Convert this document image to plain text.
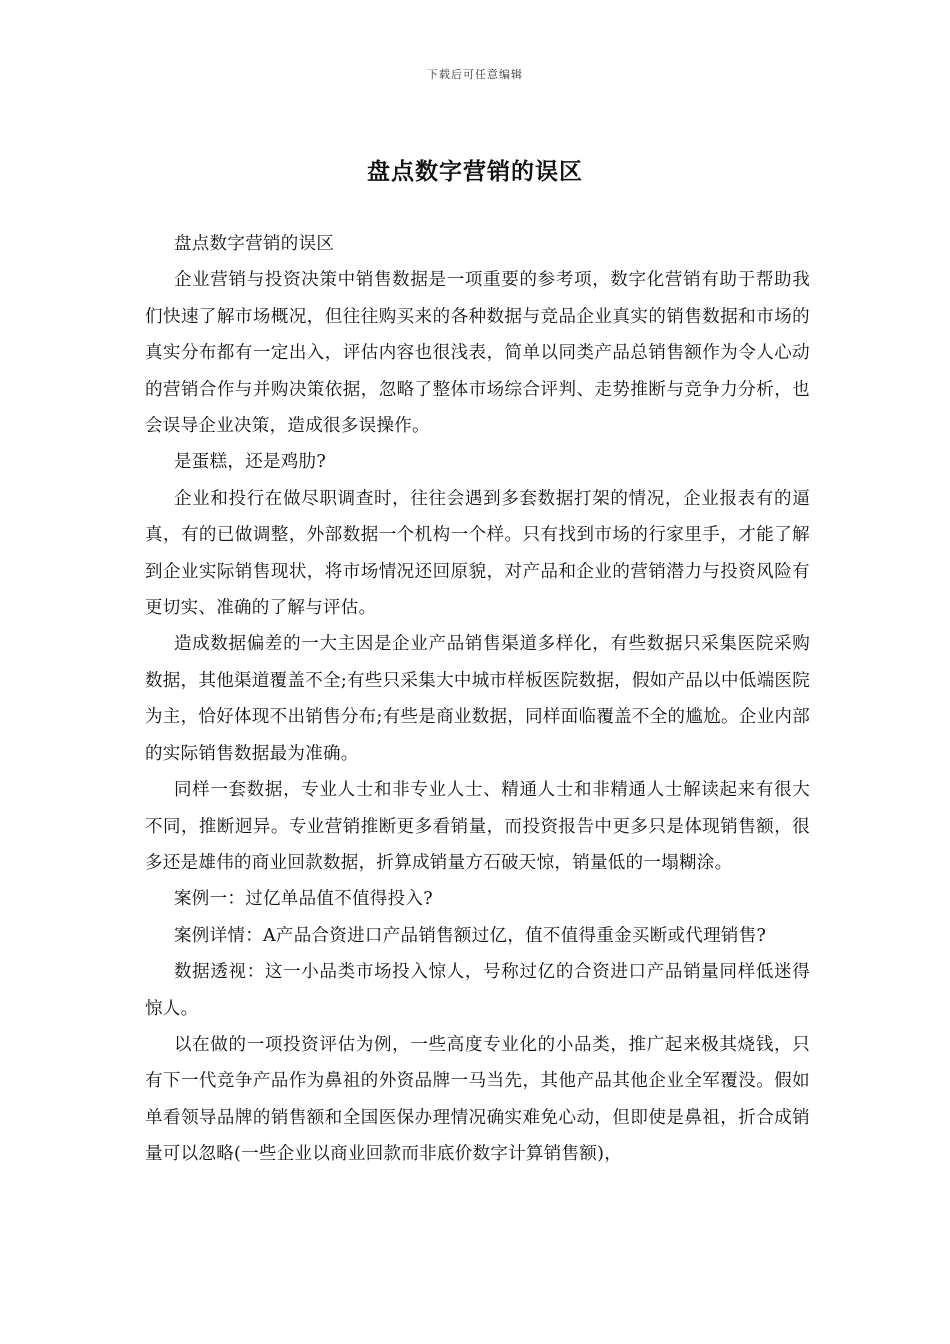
下载后可任意编辑
盘点数字营销的误区

盘点数字营销的误区

企业营销与投资决策中销售数据是一项重要的参考项，数字化营销有助于帮助我们快速了解市场概况，但往往购买来的各种数据与竞品企业真实的销售数据和市场的真实分布都有一定出入，评估内容也很浅表，简单以同类产品总销售额作为令人心动的营销合作与并购决策依据，忽略了整体市场综合评判、走势推断与竞争力分析，也会误导企业决策，造成很多误操作。

是蛋糕，还是鸡肋?

企业和投行在做尽职调查时，往往会遇到多套数据打架的情况，企业报表有的逼真，有的已做调整，外部数据一个机构一个样。只有找到市场的行家里手，才能了解到企业实际销售现状，将市场情况还回原貌，对产品和企业的营销潜力与投资风险有更切实、准确的了解与评估。

造成数据偏差的一大主因是企业产品销售渠道多样化，有些数据只采集医院采购数据，其他渠道覆盖不全;有些只采集大中城市样板医院数据，假如产品以中低端医院为主，恰好体现不出销售分布;有些是商业数据，同样面临覆盖不全的尴尬。企业内部的实际销售数据最为准确。

同样一套数据，专业人士和非专业人士、精通人士和非精通人士解读起来有很大不同，推断迥异。专业营销推断更多看销量，而投资报告中更多只是体现销售额，很多还是雄伟的商业回款数据，折算成销量方石破天惊，销量低的一塌糊涂。

案例一：过亿单品值不值得投入?

案例详情：A产品合资进口产品销售额过亿，值不值得重金买断或代理销售?

数据透视：这一小品类市场投入惊人，号称过亿的合资进口产品销量同样低迷得惊人。

以在做的一项投资评估为例，一些高度专业化的小品类，推广起来极其烧钱，只有下一代竞争产品作为鼻祖的外资品牌一马当先，其他产品其他企业全军覆没。假如单看领导品牌的销售额和全国医保办理情况确实难免心动，但即使是鼻祖，折合成销量可以忽略(一些企业以商业回款而非底价数字计算销售额)，
